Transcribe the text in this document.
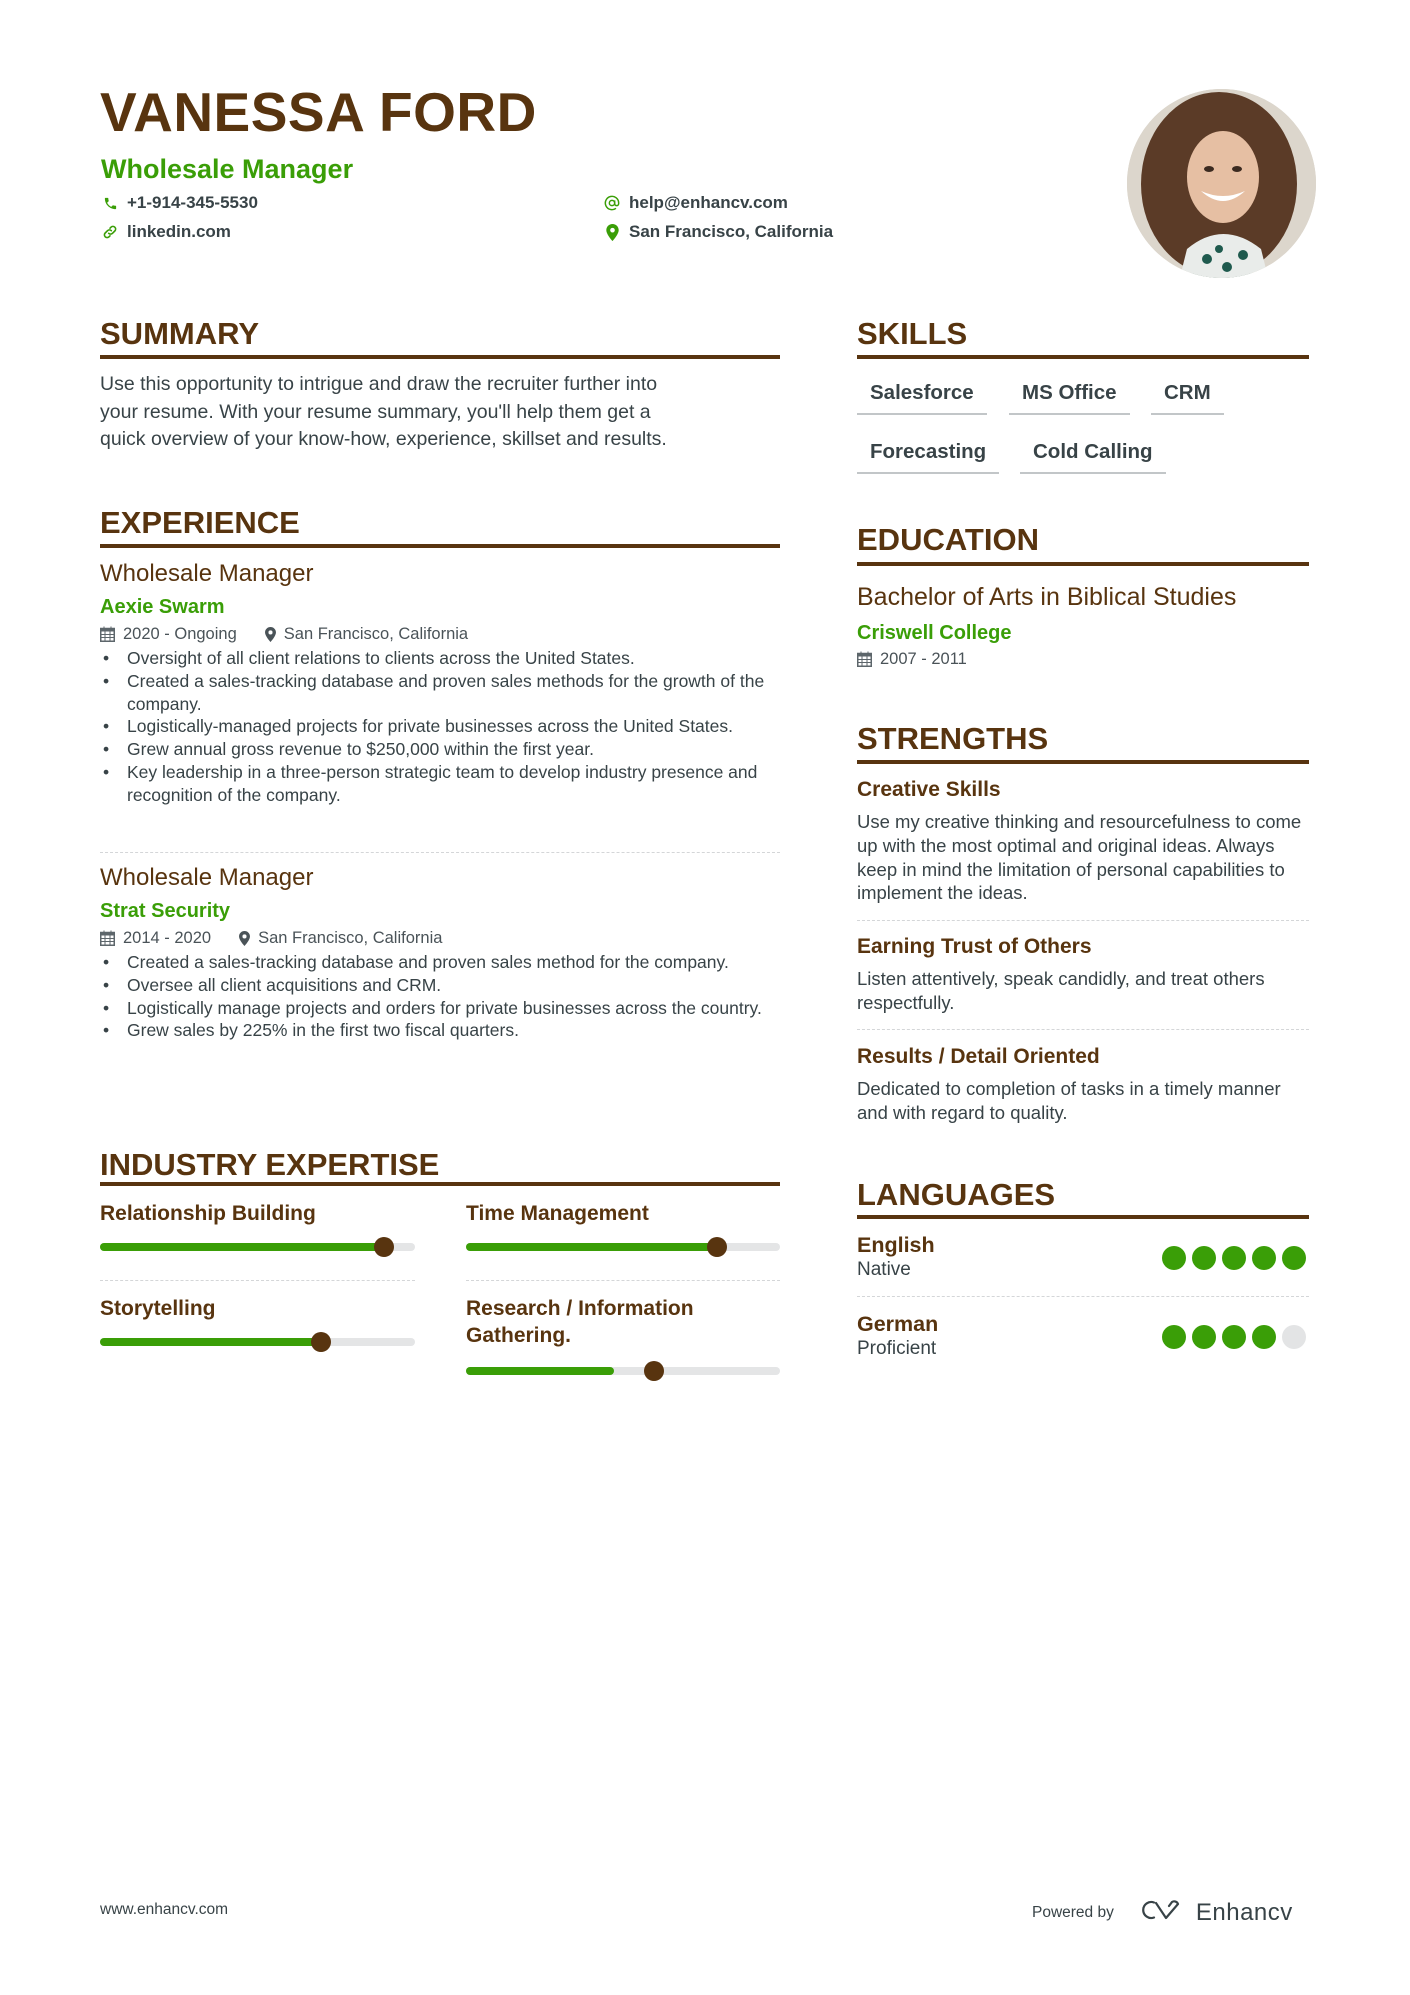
VANESSA FORD
Wholesale Manager
+1-914-345-5530
linkedin.com
help@enhancv.com
San Francisco, California
SUMMARY
Use this opportunity to intrigue and draw the recruiter further into
your resume. With your resume summary, you'll help them get a
quick overview of your know-how, experience, skillset and results.
EXPERIENCE
Wholesale Manager
Aexie Swarm
2020 - Ongoing	San Francisco, California
• Oversight of all client relations to clients across the United States.
• Created a sales-tracking database and proven sales methods for the growth of the company.
• Logistically-managed projects for private businesses across the United States.
• Grew annual gross revenue to $250,000 within the first year.
• Key leadership in a three-person strategic team to develop industry presence and recognition of the company.
Wholesale Manager
Strat Security
2014 - 2020	San Francisco, California
• Created a sales-tracking database and proven sales method for the company.
• Oversee all client acquisitions and CRM.
• Logistically manage projects and orders for private businesses across the country.
• Grew sales by 225% in the first two fiscal quarters.
INDUSTRY EXPERTISE
Relationship Building	Time Management
Storytelling	Research / Information Gathering.
SKILLS
Salesforce	MS Office	CRM
Forecasting	Cold Calling
EDUCATION
Bachelor of Arts in Biblical Studies
Criswell College
2007 - 2011
STRENGTHS
Creative Skills
Use my creative thinking and resourcefulness to come up with the most optimal and original ideas. Always keep in mind the limitation of personal capabilities to implement the ideas.
Earning Trust of Others
Listen attentively, speak candidly, and treat others respectfully.
Results / Detail Oriented
Dedicated to completion of tasks in a timely manner and with regard to quality.
LANGUAGES
English
Native
German
Proficient
www.enhancv.com	Powered by	Enhancv
